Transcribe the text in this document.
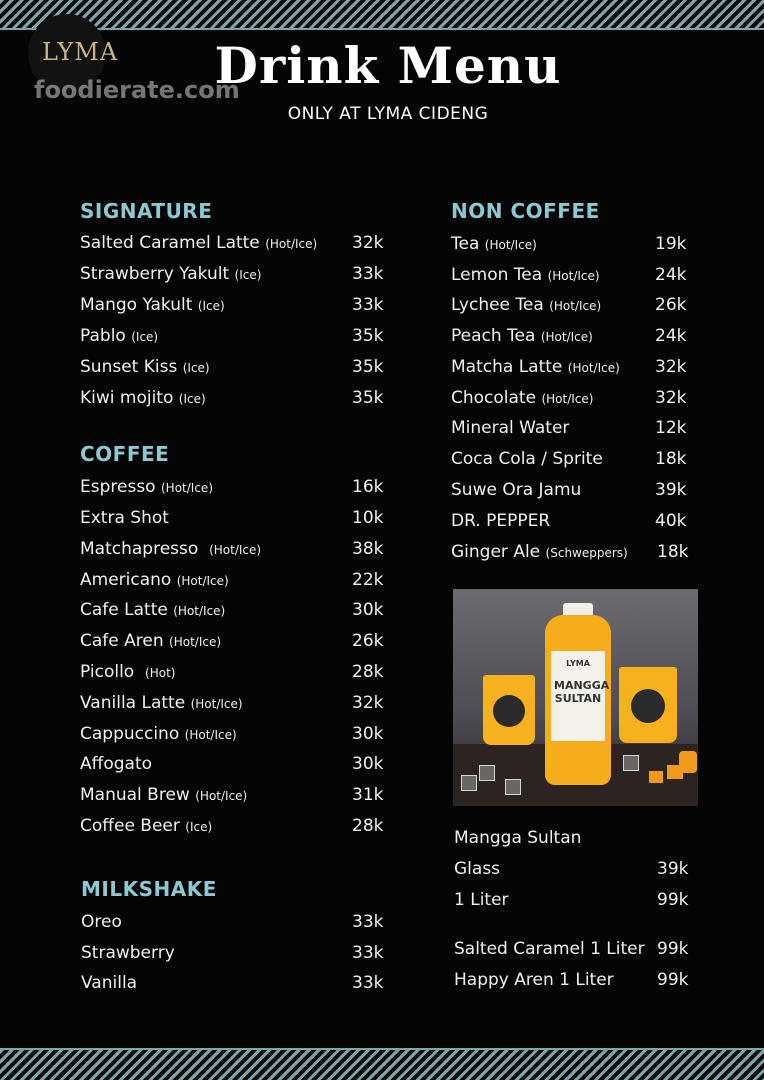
LYMA
foodierate.com
Drink Menu
ONLY AT LYMA CIDENG
SIGNATURE
Salted Caramel Latte (Hot/Ice) 32k
Strawberry Yakult (Ice)	33k
Mango Yakult (Ice)	33k
Pablo (Ice)	35k
Sunset Kiss (Ice)	35k
Kiwi mojito (Ice)	35k
COFFEE
Espresso (Hot/Ice)	16k
Extra Shot	10k
Matchapresso (Hot/Ice)	38k
Americano (Hot/Ice)	22k
Cafe Latte (Hot/Ice)	30k
Cafe Aren (Hot/Ice)	26k
Picollo (Hot)	28k
Vanilla Latte (Hot/Ice)	32k
Cappuccino (Hot/Ice)	30k
Affogato	30k
Manual Brew (Hot/Ice)	31k
Coffee Beer (Ice)	28k
MILKSHAKE
Oreo	33k
Strawberry	33k
Vanilla	33k
NON COFFEE
Tea (Hot/Ice)	19k
Lemon Tea (Hot/Ice)	24k
Lychee Tea (Hot/Ice)	26k
Peach Tea (Hot/Ice)	24k
Matcha Latte (Hot/Ice) 32k
Chocolate (Hot/Ice)	32k
Mineral Water	12k
Coca Cola / Sprite	18k
Suwe Ora Jamu	39k
DR. PEPPER	40k
Ginger Ale (Schweppers) 18k
LYMA
MANGGA SULTAN
Mangga Sultan
Glass	39k
1 Liter	99k
Salted Caramel 1 Liter 99k
Happy Aren 1 Liter	99k
